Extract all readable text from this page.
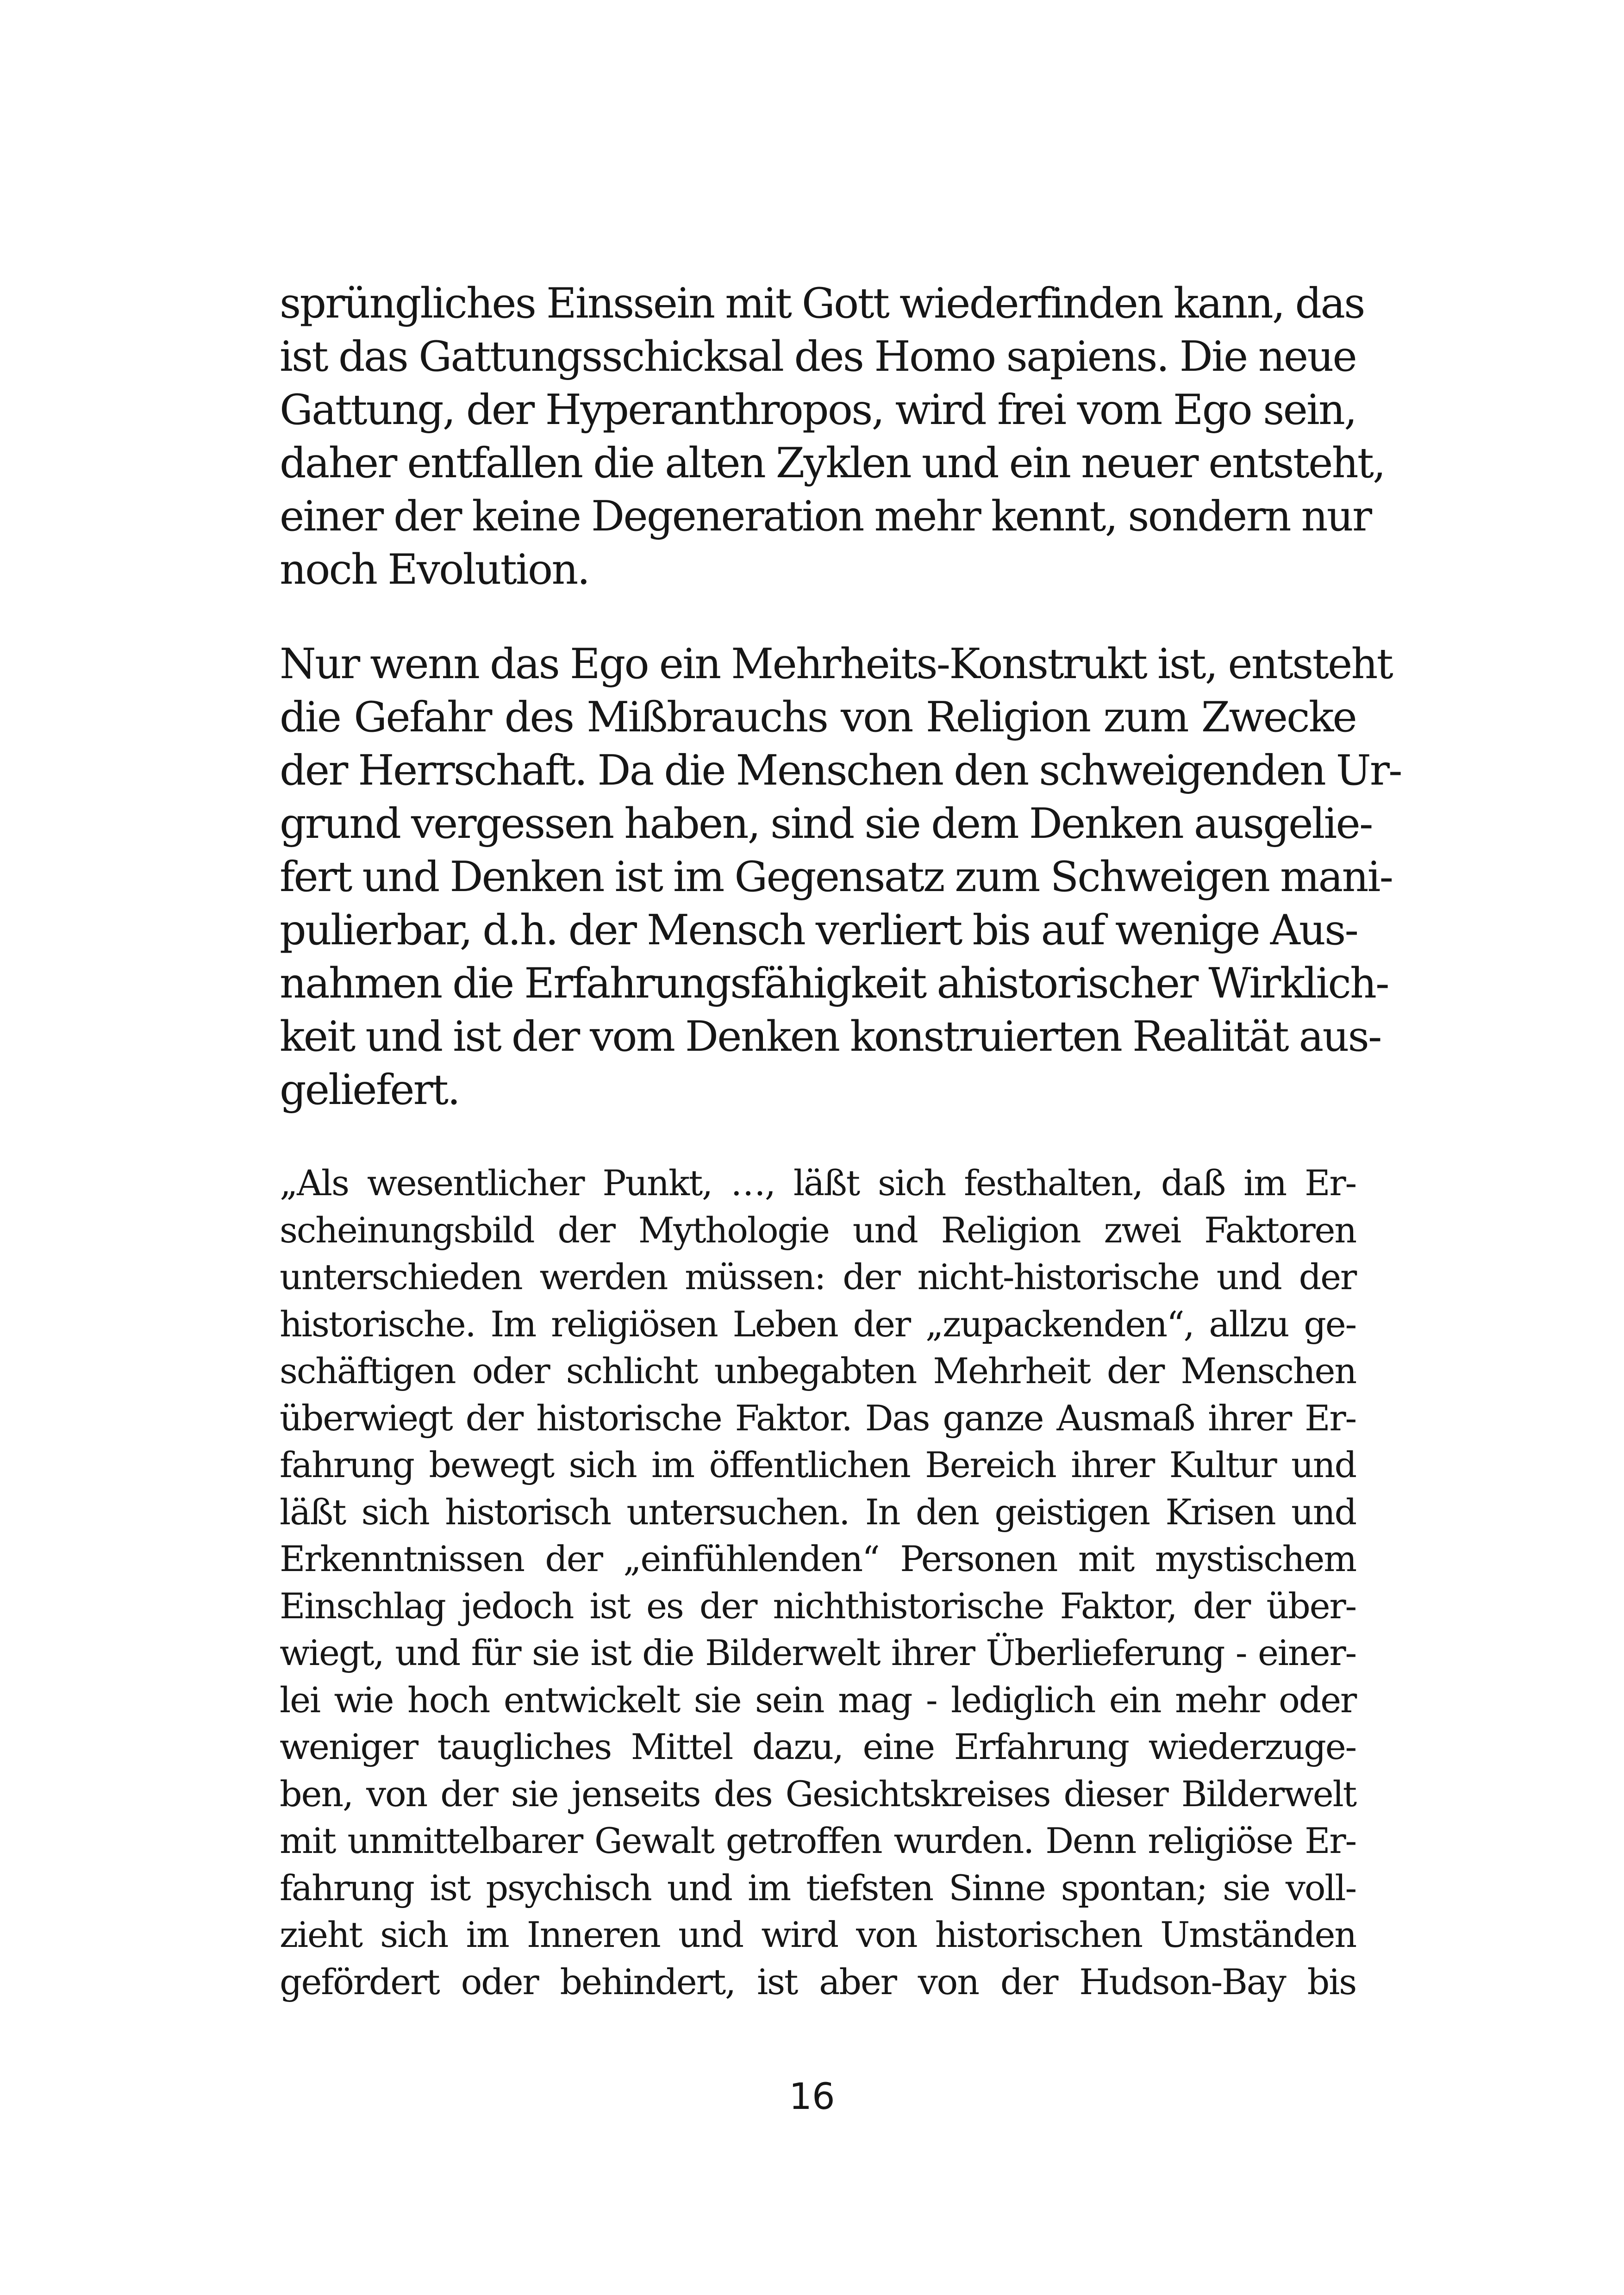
sprüngliches Einssein mit Gott wiederfinden kann, das
ist das Gattungsschicksal des Homo sapiens. Die neue
Gattung, der Hyperanthropos, wird frei vom Ego sein,
daher entfallen die alten Zyklen und ein neuer entsteht,
einer der keine Degeneration mehr kennt, sondern nur
noch Evolution.
Nur wenn das Ego ein Mehrheits-Konstrukt ist, entsteht
die Gefahr des Mißbrauchs von Religion zum Zwecke
der Herrschaft. Da die Menschen den schweigenden Ur-
grund vergessen haben, sind sie dem Denken ausgelie-
fert und Denken ist im Gegensatz zum Schweigen mani-
pulierbar, d.h. der Mensch verliert bis auf wenige Aus-
nahmen die Erfahrungsfähigkeit ahistorischer Wirklich-
keit und ist der vom Denken konstruierten Realität aus-
geliefert.
„Als wesentlicher Punkt, …, läßt sich festhalten, daß im Er-
scheinungsbild der Mythologie und Religion zwei Faktoren
unterschieden werden müssen: der nicht-historische und der
historische. Im religiösen Leben der „zupackenden“, allzu ge-
schäftigen oder schlicht unbegabten Mehrheit der Menschen
überwiegt der historische Faktor. Das ganze Ausmaß ihrer Er-
fahrung bewegt sich im öffentlichen Bereich ihrer Kultur und
läßt sich historisch untersuchen. In den geistigen Krisen und
Erkenntnissen der „einfühlenden“ Personen mit mystischem
Einschlag jedoch ist es der nichthistorische Faktor, der über-
wiegt, und für sie ist die Bilderwelt ihrer Überlieferung - einer-
lei wie hoch entwickelt sie sein mag - lediglich ein mehr oder
weniger taugliches Mittel dazu, eine Erfahrung wiederzuge-
ben, von der sie jenseits des Gesichtskreises dieser Bilderwelt
mit unmittelbarer Gewalt getroffen wurden. Denn religiöse Er-
fahrung ist psychisch und im tiefsten Sinne spontan; sie voll-
zieht sich im Inneren und wird von historischen Umständen
gefördert oder behindert, ist aber von der Hudson-Bay bis
16
